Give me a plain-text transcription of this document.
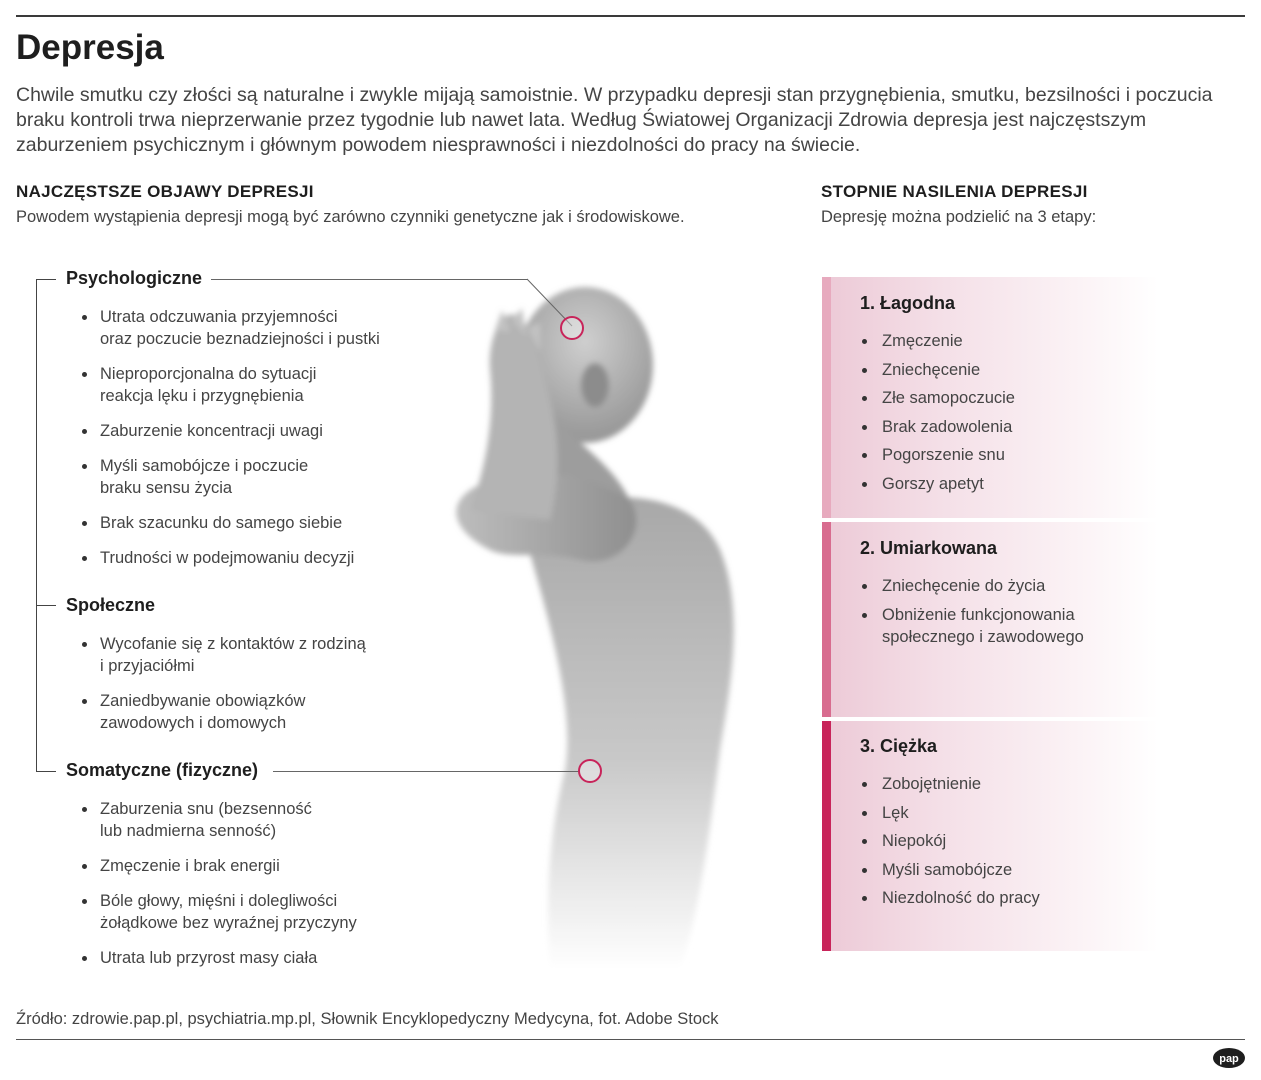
Depresja

Chwile smutku czy złości są naturalne i zwykle mijają samoistnie. W przypadku depresji stan przygnębienia, smutku, bezsilności i poczucia braku kontroli trwa nieprzerwanie przez tygodnie lub nawet lata. Według Światowej Organizacji Zdrowia depresja jest najczęstszym zaburzeniem psychicznym i głównym powodem niesprawności i niezdolności do pracy na świecie.

NAJCZĘSTSZE OBJAWY DEPRESJI
Powodem wystąpienia depresji mogą być zarówno czynniki genetyczne jak i środowiskowe.
STOPNIE NASILENIA DEPRESJI
Depresję można podzielić na 3 etapy:
Psychologiczne
Utrata odczuwania przyjemności
oraz poczucie beznadziejności i pustki
Nieproporcjonalna do sytuacji
reakcja lęku i przygnębienia
Zaburzenie koncentracji uwagi
Myśli samobójcze i poczucie
braku sensu życia
Brak szacunku do samego siebie
Trudności w podejmowaniu decyzji
Społeczne
Wycofanie się z kontaktów z rodziną
i przyjaciółmi
Zaniedbywanie obowiązków
zawodowych i domowych
Somatyczne (fizyczne)
Zaburzenia snu (bezsenność
lub nadmierna senność)
Zmęczenie i brak energii
Bóle głowy, mięśni i dolegliwości
żołądkowe bez wyraźnej przyczyny
Utrata lub przyrost masy ciała
1. Łagodna
Zmęczenie
Zniechęcenie
Złe samopoczucie
Brak zadowolenia
Pogorszenie snu
Gorszy apetyt
2. Umiarkowana
Zniechęcenie do życia
Obniżenie funkcjonowania społecznego i zawodowego
3. Ciężka
Zobojętnienie
Lęk
Niepokój
Myśli samobójcze
Niezdolność do pracy
Źródło: zdrowie.pap.pl, psychiatria.mp.pl, Słownik Encyklopedyczny Medycyna, fot. Adobe Stock
pap
